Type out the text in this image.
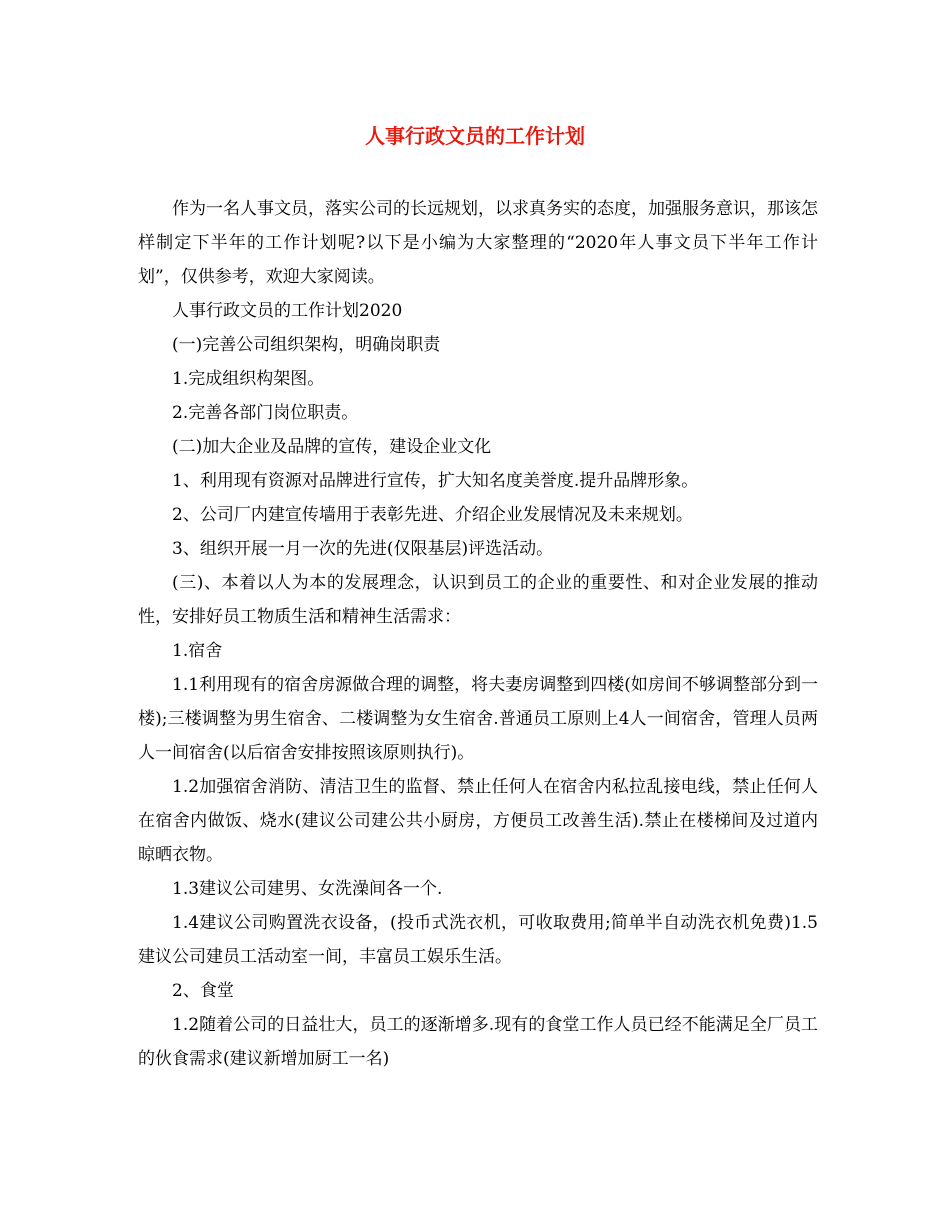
人事行政文员的工作计划

作为一名人事文员，落实公司的长远规划，以求真务实的态度，加强服务意识，那该怎样制定下半年的工作计划呢?以下是小编为大家整理的“2020年人事文员下半年工作计划”，仅供参考，欢迎大家阅读。

人事行政文员的工作计划2020

(一)完善公司组织架构，明确岗职责

1.完成组织构架图。

2.完善各部门岗位职责。

(二)加大企业及品牌的宣传，建设企业文化

1、利用现有资源对品牌进行宣传，扩大知名度美誉度.提升品牌形象。

2、公司厂内建宣传墙用于表彰先进、介绍企业发展情况及未来规划。

3、组织开展一月一次的先进(仅限基层)评选活动。

(三)、本着以人为本的发展理念，认识到员工的企业的重要性、和对企业发展的推动性，安排好员工物质生活和精神生活需求：

1.宿舍

1.1利用现有的宿舍房源做合理的调整，将夫妻房调整到四楼(如房间不够调整部分到一楼);三楼调整为男生宿舍、二楼调整为女生宿舍.普通员工原则上4人一间宿舍，管理人员两人一间宿舍(以后宿舍安排按照该原则执行)。

1.2加强宿舍消防、清洁卫生的监督、禁止任何人在宿舍内私拉乱接电线，禁止任何人在宿舍内做饭、烧水(建议公司建公共小厨房，方便员工改善生活).禁止在楼梯间及过道内晾晒衣物。

1.3建议公司建男、女洗澡间各一个.

1.4建议公司购置洗衣设备，(投币式洗衣机，可收取费用;简单半自动洗衣机免费)1.5建议公司建员工活动室一间，丰富员工娱乐生活。

2、食堂

1.2随着公司的日益壮大，员工的逐渐增多.现有的食堂工作人员已经不能满足全厂员工的伙食需求(建议新增加厨工一名)
